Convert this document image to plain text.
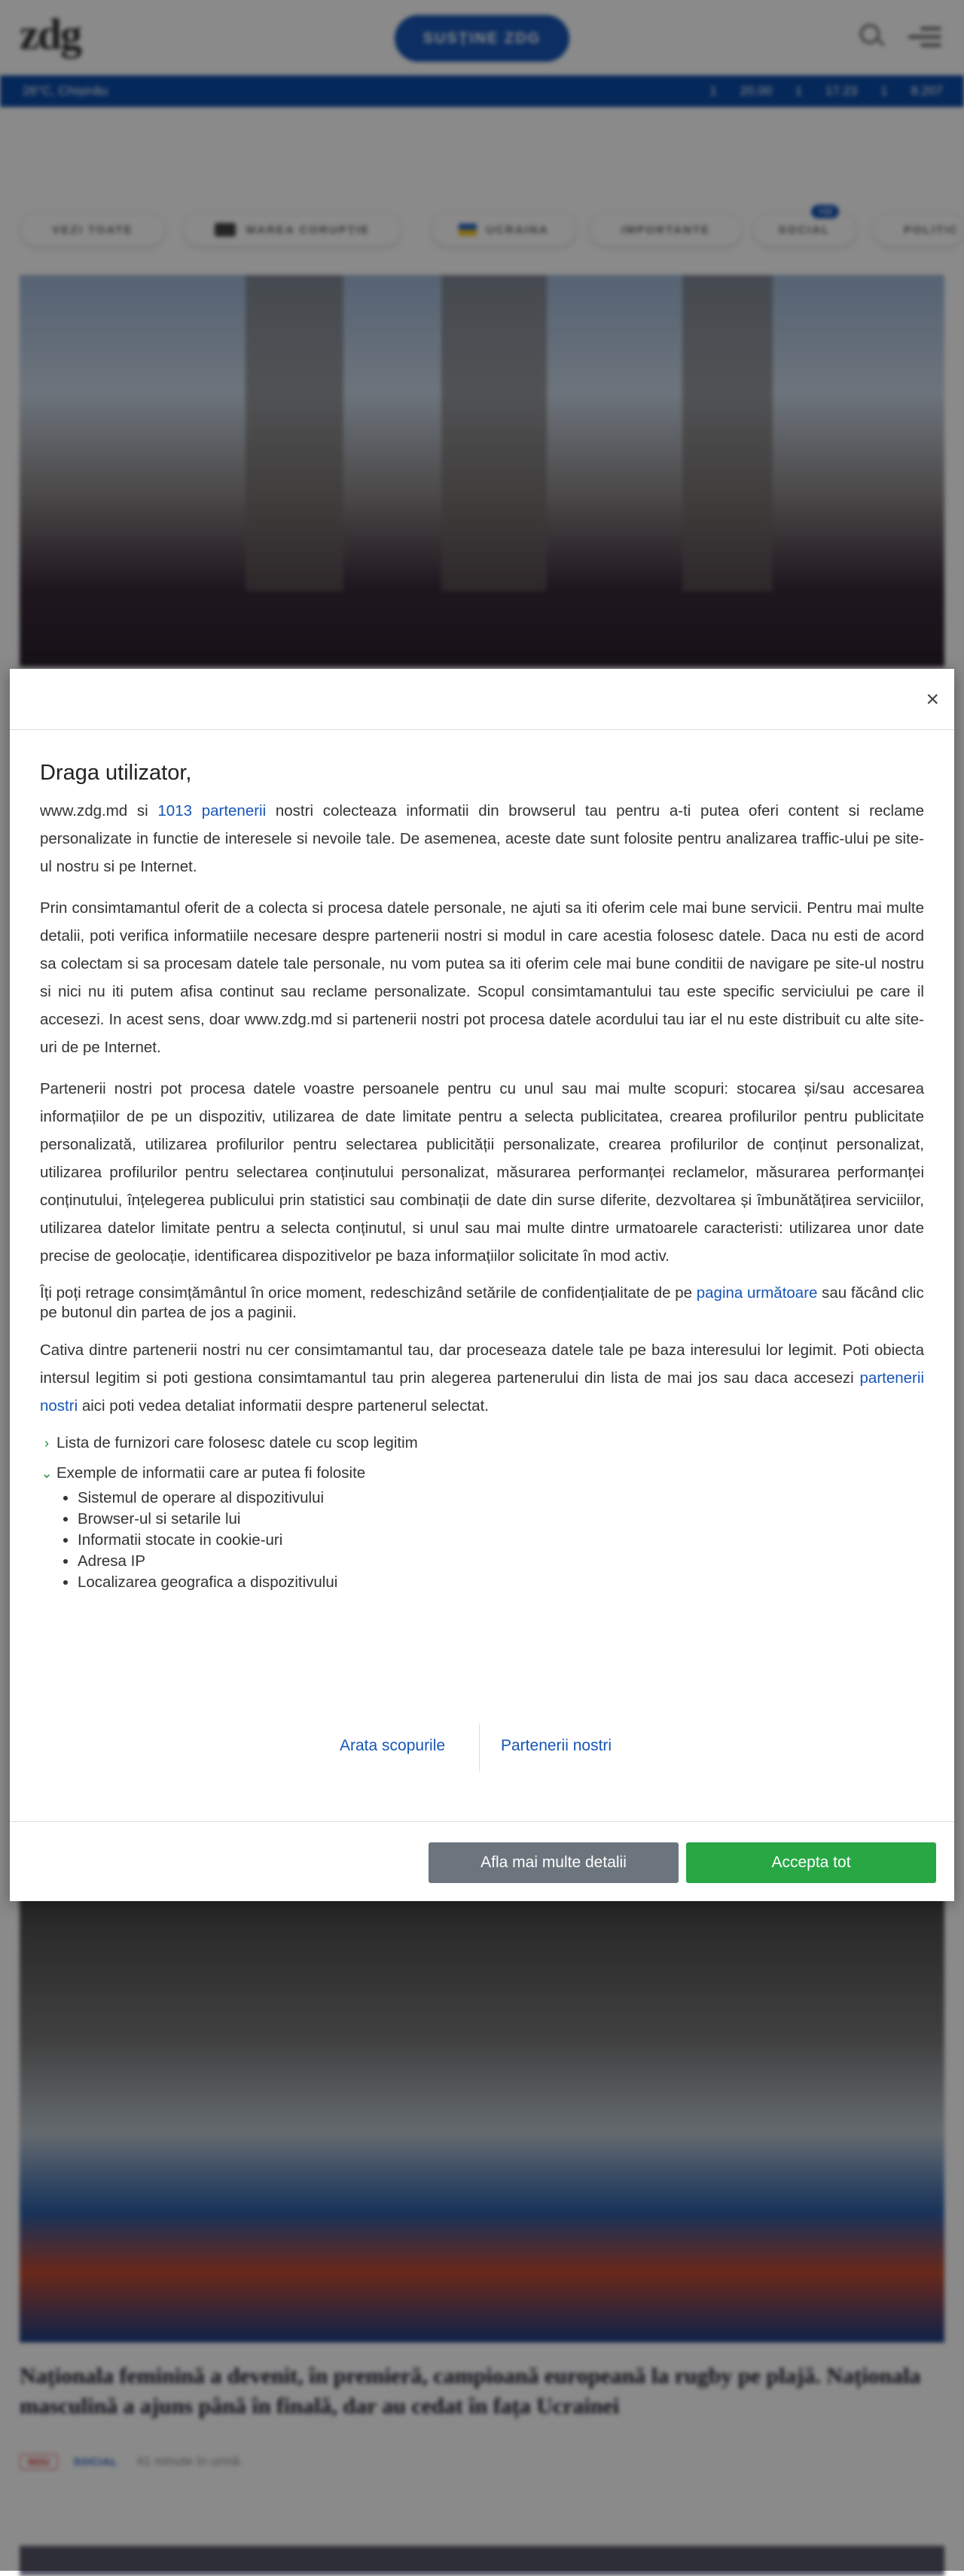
zdg	SUSȚINE ZDG
26°C, Chișinău	1 20.00 1 17.23 1 8.207
VEZI TOATE	MAREA CORUPȚIE	UCRAINA	IMPORTANTE
+12
SOCIAL	POLITIC
Naționala feminină a devenit, în premieră, campioană europeană la rugby pe plajă. Naționala masculină a ajuns până în finală, dar au cedat în fața Ucrainei
NOU SOCIAL 41 minute în urmă
×
Draga utilizator,

www.zdg.md si 1013 partenerii nostri colecteaza informatii din browserul tau pentru a-ti putea oferi content si reclame personalizate in functie de interesele si nevoile tale. De asemenea, aceste date sunt folosite pentru analizarea traffic-ului pe site-ul nostru si pe Internet.

Prin consimtamantul oferit de a colecta si procesa datele personale, ne ajuti sa iti oferim cele mai bune servicii. Pentru mai multe detalii, poti verifica informatiile necesare despre partenerii nostri si modul in care acestia folosesc datele. Daca nu esti de acord sa colectam si sa procesam datele tale personale, nu vom putea sa iti oferim cele mai bune conditii de navigare pe site-ul nostru si nici nu iti putem afisa continut sau reclame personalizate. Scopul consimtamantului tau este specific serviciului pe care il accesezi. In acest sens, doar www.zdg.md si partenerii nostri pot procesa datele acordului tau iar el nu este distribuit cu alte site-uri de pe Internet.

Partenerii nostri pot procesa datele voastre persoanele pentru cu unul sau mai multe scopuri: stocarea și/sau accesarea informațiilor de pe un dispozitiv, utilizarea de date limitate pentru a selecta publicitatea, crearea profilurilor pentru publicitate personalizată, utilizarea profilurilor pentru selectarea publicității personalizate, crearea profilurilor de conținut personalizat, utilizarea profilurilor pentru selectarea conținutului personalizat, măsurarea performanței reclamelor, măsurarea performanței conținutului, înțelegerea publicului prin statistici sau combinații de date din surse diferite, dezvoltarea și îmbunătățirea serviciilor, utilizarea datelor limitate pentru a selecta conținutul, si unul sau mai multe dintre urmatoarele caracteristi: utilizarea unor date precise de geolocație, identificarea dispozitivelor pe baza informațiilor solicitate în mod activ.

Îți poți retrage consimțământul în orice moment, redeschizând setările de confidențialitate de pe pagina următoare sau făcând clic pe butonul din partea de jos a paginii.

Cativa dintre partenerii nostri nu cer consimtamantul tau, dar proceseaza datele tale pe baza interesului lor legimit. Poti obiecta intersul legitim si poti gestiona consimtamantul tau prin alegerea partenerului din lista de mai jos sau daca accesezi partenerii nostri aici poti vedea detaliat informatii despre partenerul selectat.

› Lista de furnizori care folosesc datele cu scop legitim
⌄ Exemple de informatii care ar putea fi folosite
• Sistemul de operare al dispozitivului
• Browser-ul si setarile lui
• Informatii stocate in cookie-uri
• Adresa IP
• Localizarea geografica a dispozitivului
Arata scopurile	Partenerii nostri
Afla mai multe detalii	Accepta tot
